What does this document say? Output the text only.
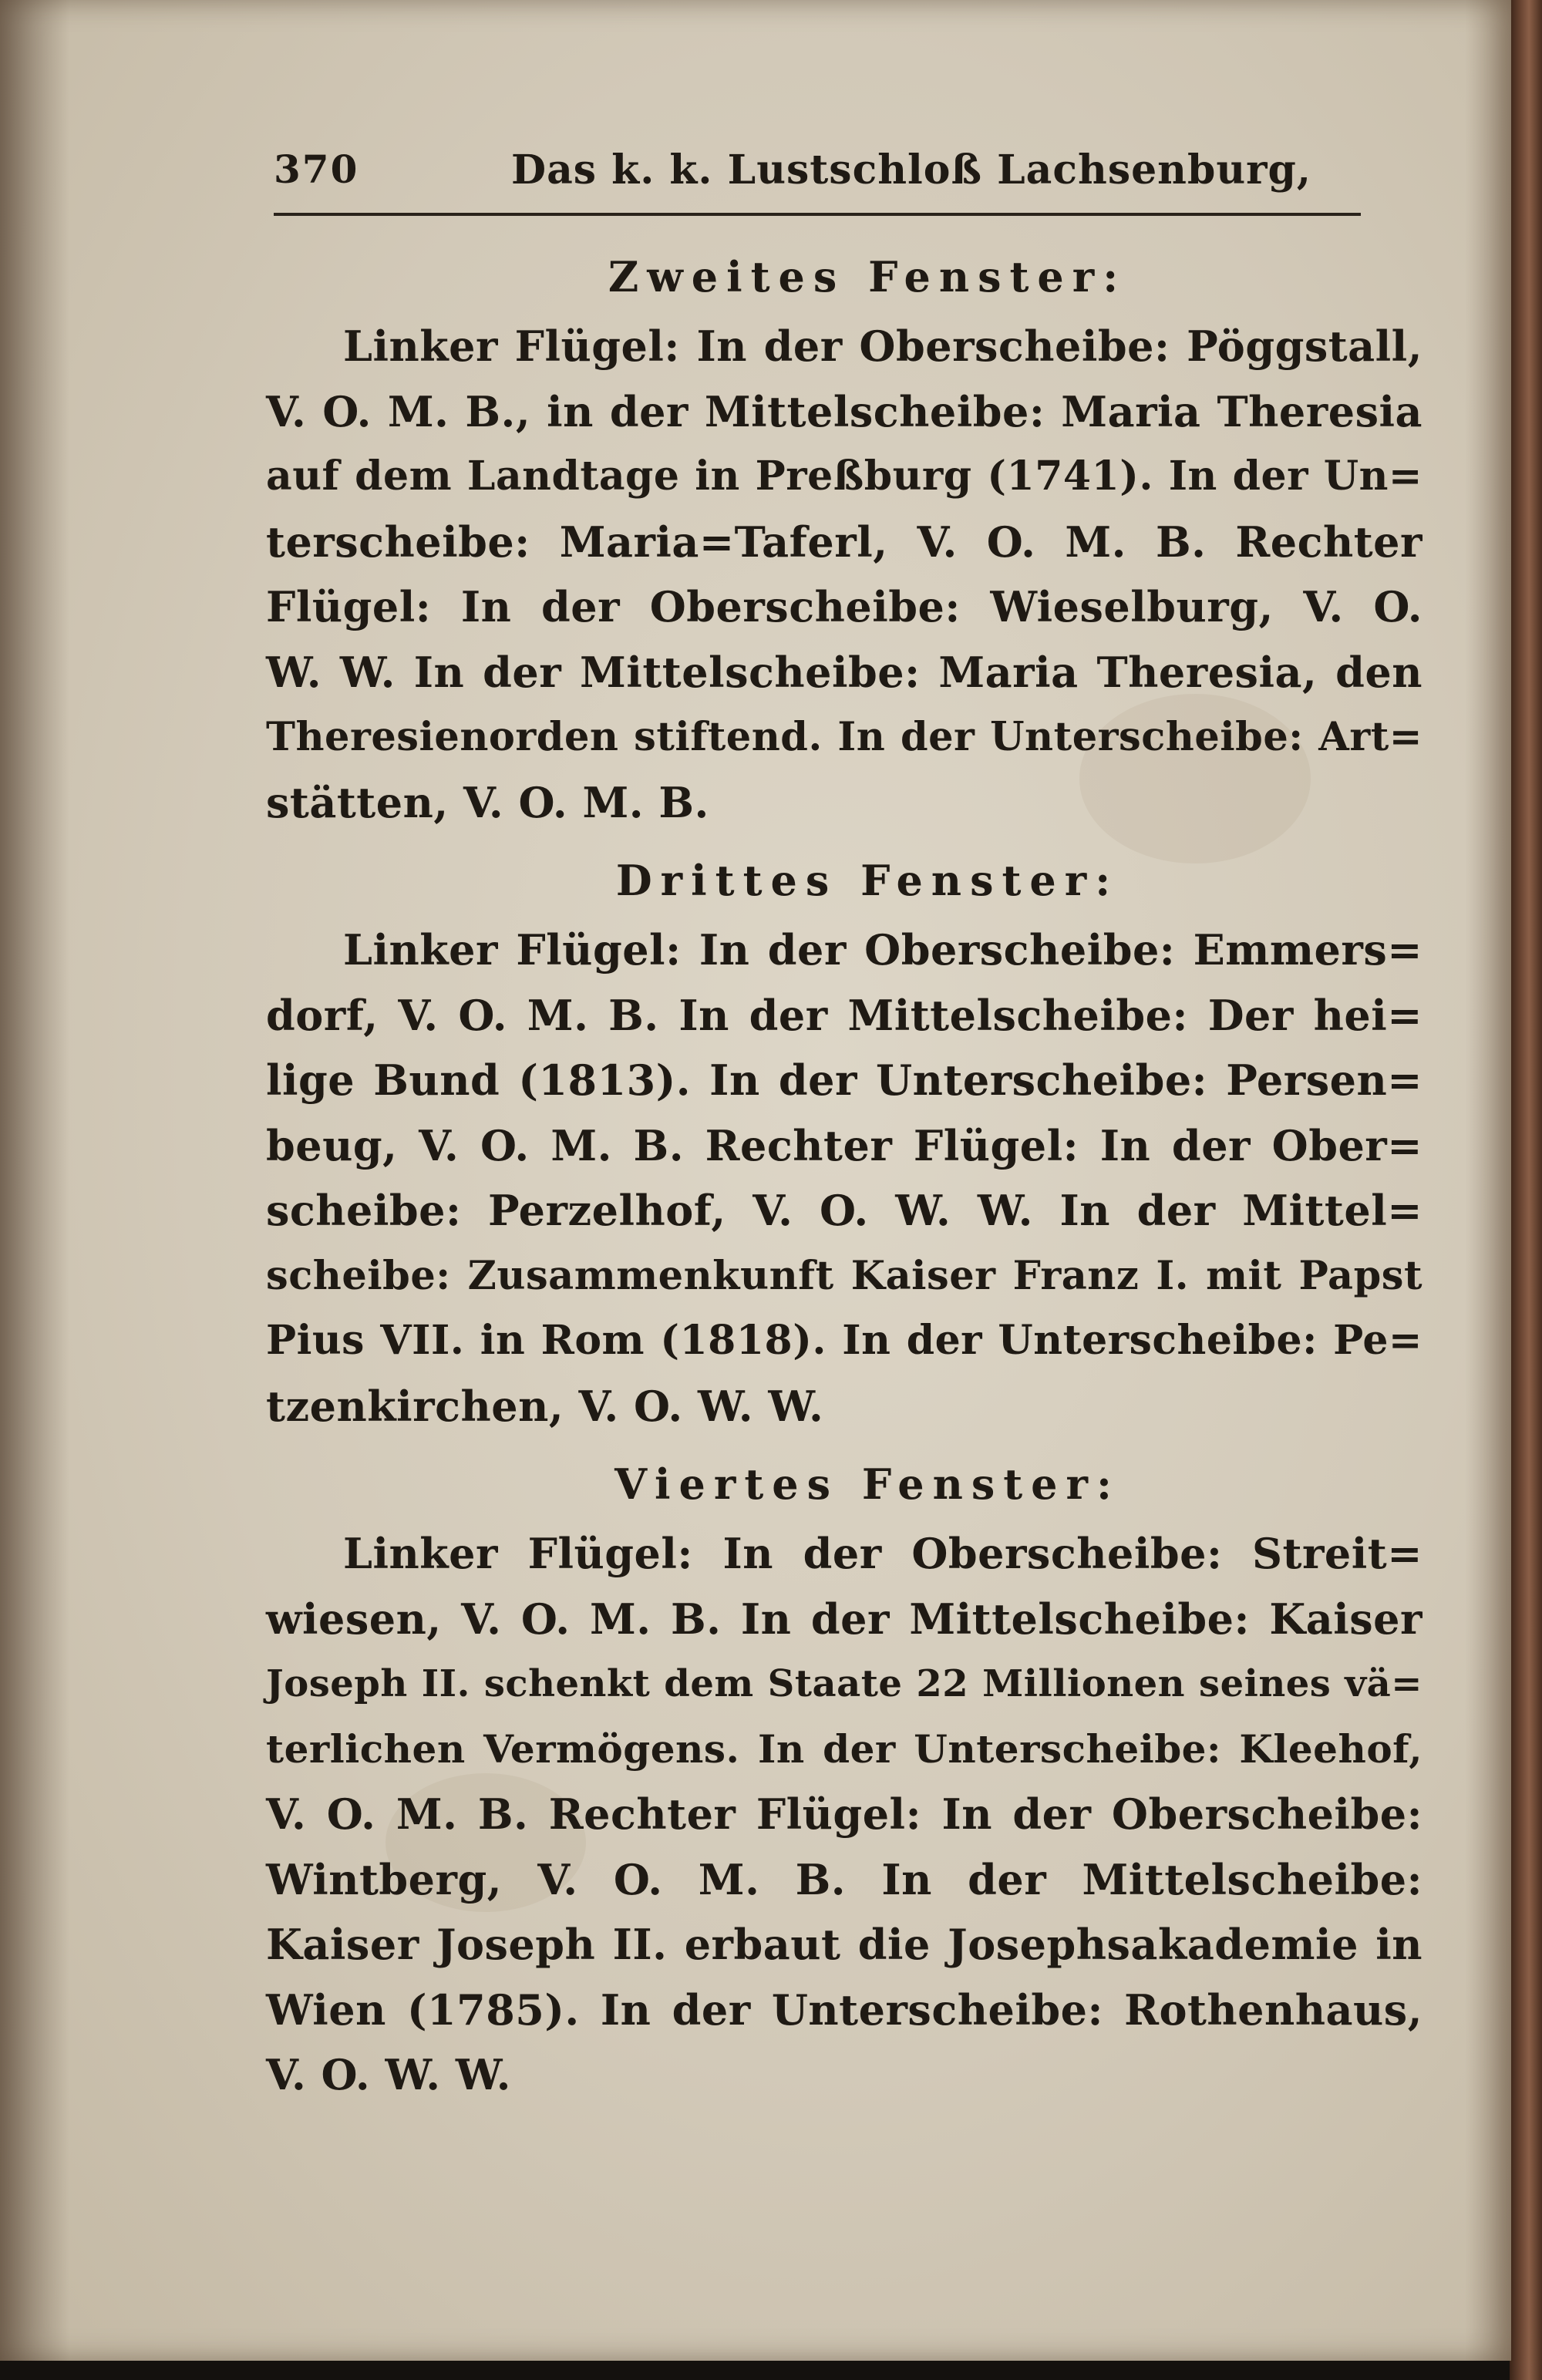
370	Das k. k. Lustschloß Lachsenburg,
Zweites Fenster:
Linker Flügel: In der Oberscheibe: Pöggstall,
V. O. M. B., in der Mittelscheibe: Maria Theresia
auf dem Landtage in Preßburg (1741). In der Un=
terscheibe: Maria=Taferl, V. O. M. B. Rechter
Flügel: In der Oberscheibe: Wieselburg, V. O.
W. W. In der Mittelscheibe: Maria Theresia, den
Theresienorden stiftend. In der Unterscheibe: Art=
stätten, V. O. M. B.
Drittes Fenster:
Linker Flügel: In der Oberscheibe: Emmers=
dorf, V. O. M. B. In der Mittelscheibe: Der hei=
lige Bund (1813). In der Unterscheibe: Persen=
beug, V. O. M. B. Rechter Flügel: In der Ober=
scheibe: Perzelhof, V. O. W. W. In der Mittel=
scheibe: Zusammenkunft Kaiser Franz I. mit Papst
Pius VII. in Rom (1818). In der Unterscheibe: Pe=
tzenkirchen, V. O. W. W.
Viertes Fenster:
Linker Flügel: In der Oberscheibe: Streit=
wiesen, V. O. M. B. In der Mittelscheibe: Kaiser
Joseph II. schenkt dem Staate 22 Millionen seines vä=
terlichen Vermögens. In der Unterscheibe: Kleehof,
V. O. M. B. Rechter Flügel: In der Oberscheibe:
Wintberg, V. O. M. B. In der Mittelscheibe:
Kaiser Joseph II. erbaut die Josephsakademie in
Wien (1785). In der Unterscheibe: Rothenhaus,
V. O. W. W.
